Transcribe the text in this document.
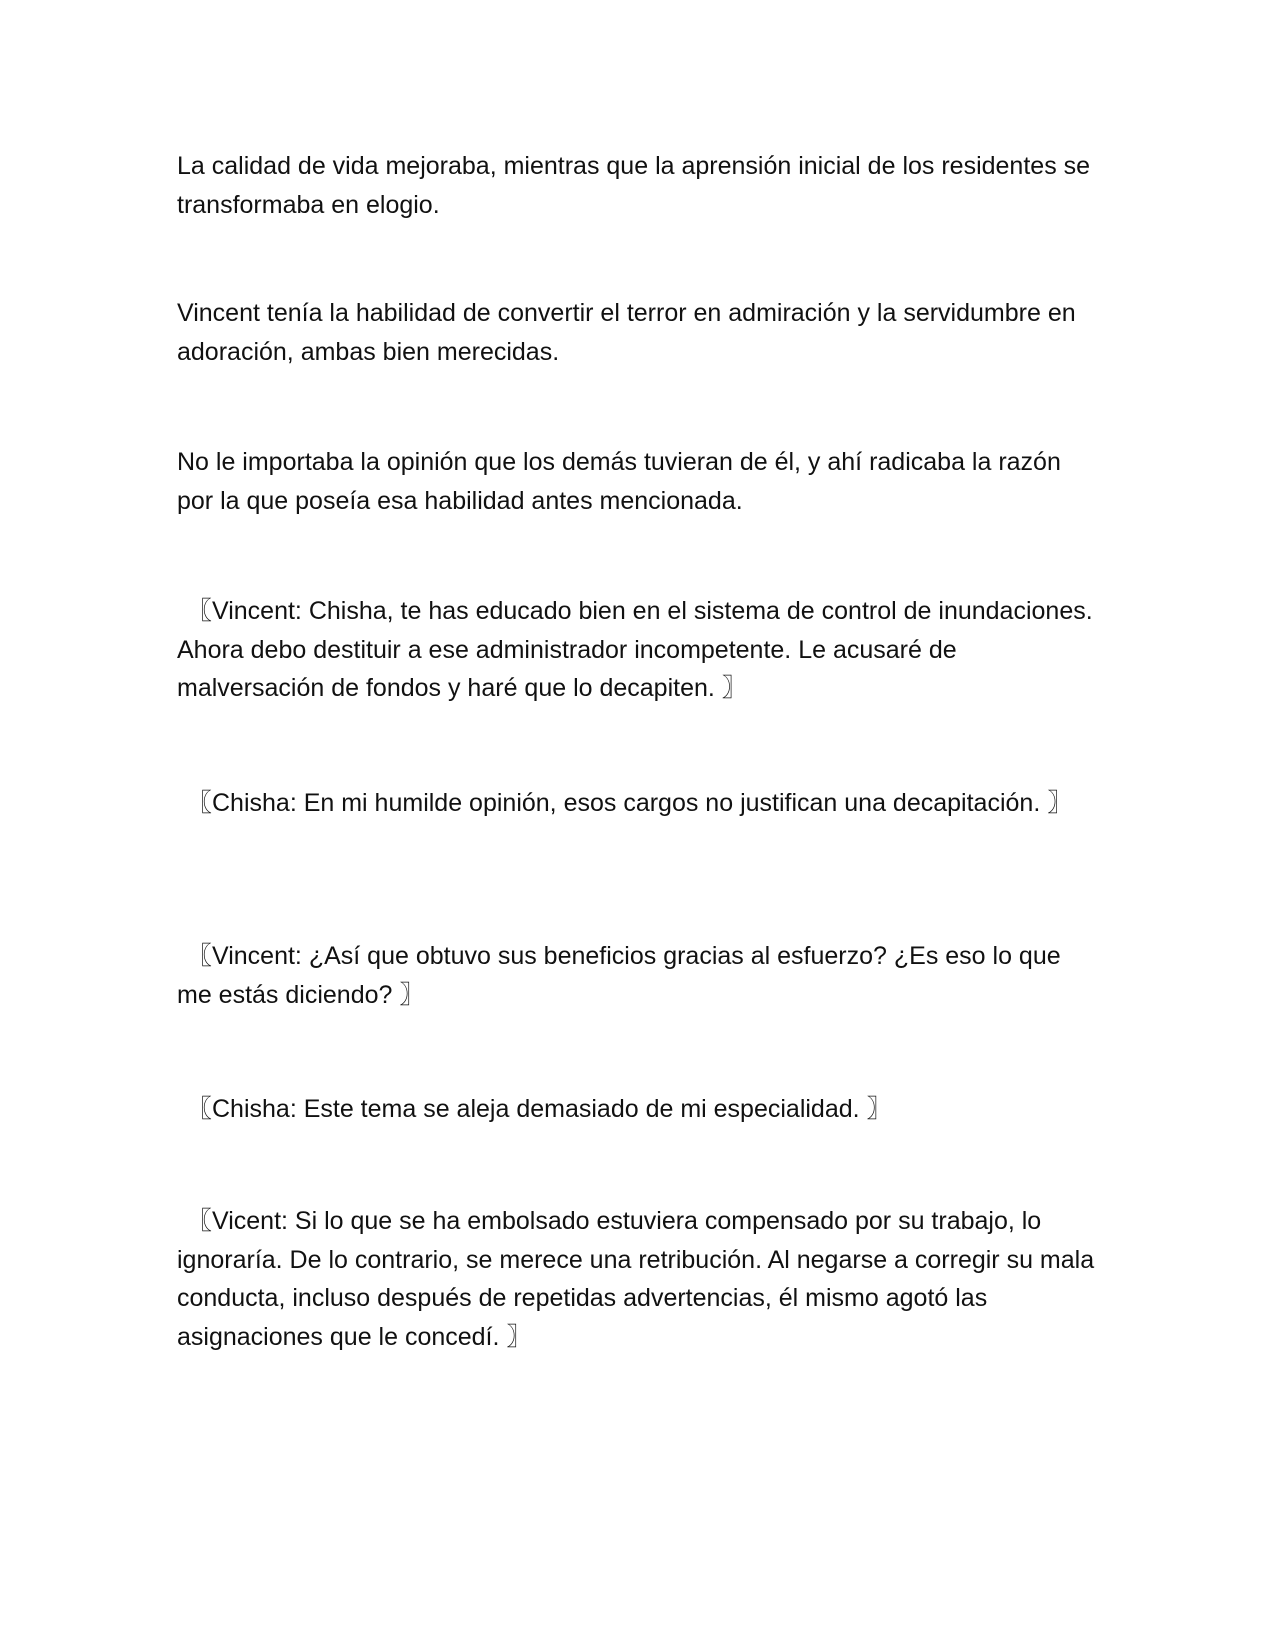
La calidad de vida mejoraba, mientras que la aprensión inicial de los residentes se transformaba en elogio.

Vincent tenía la habilidad de convertir el terror en admiración y la servidumbre en adoración, ambas bien merecidas.

No le importaba la opinión que los demás tuvieran de él, y ahí radicaba la razón por la que poseía esa habilidad antes mencionada.

〖Vincent: Chisha, te has educado bien en el sistema de control de inundaciones. Ahora debo destituir a ese administrador incompetente. Le acusaré de malversación de fondos y haré que lo decapiten. 〗

〖Chisha: En mi humilde opinión, esos cargos no justifican una decapitación. 〗

〖Vincent: ¿Así que obtuvo sus beneficios gracias al esfuerzo? ¿Es eso lo que me estás diciendo? 〗

〖Chisha: Este tema se aleja demasiado de mi especialidad. 〗

〖Vicent: Si lo que se ha embolsado estuviera compensado por su trabajo, lo ignoraría. De lo contrario, se merece una retribución. Al negarse a corregir su mala conducta, incluso después de repetidas advertencias, él mismo agotó las asignaciones que le concedí. 〗
